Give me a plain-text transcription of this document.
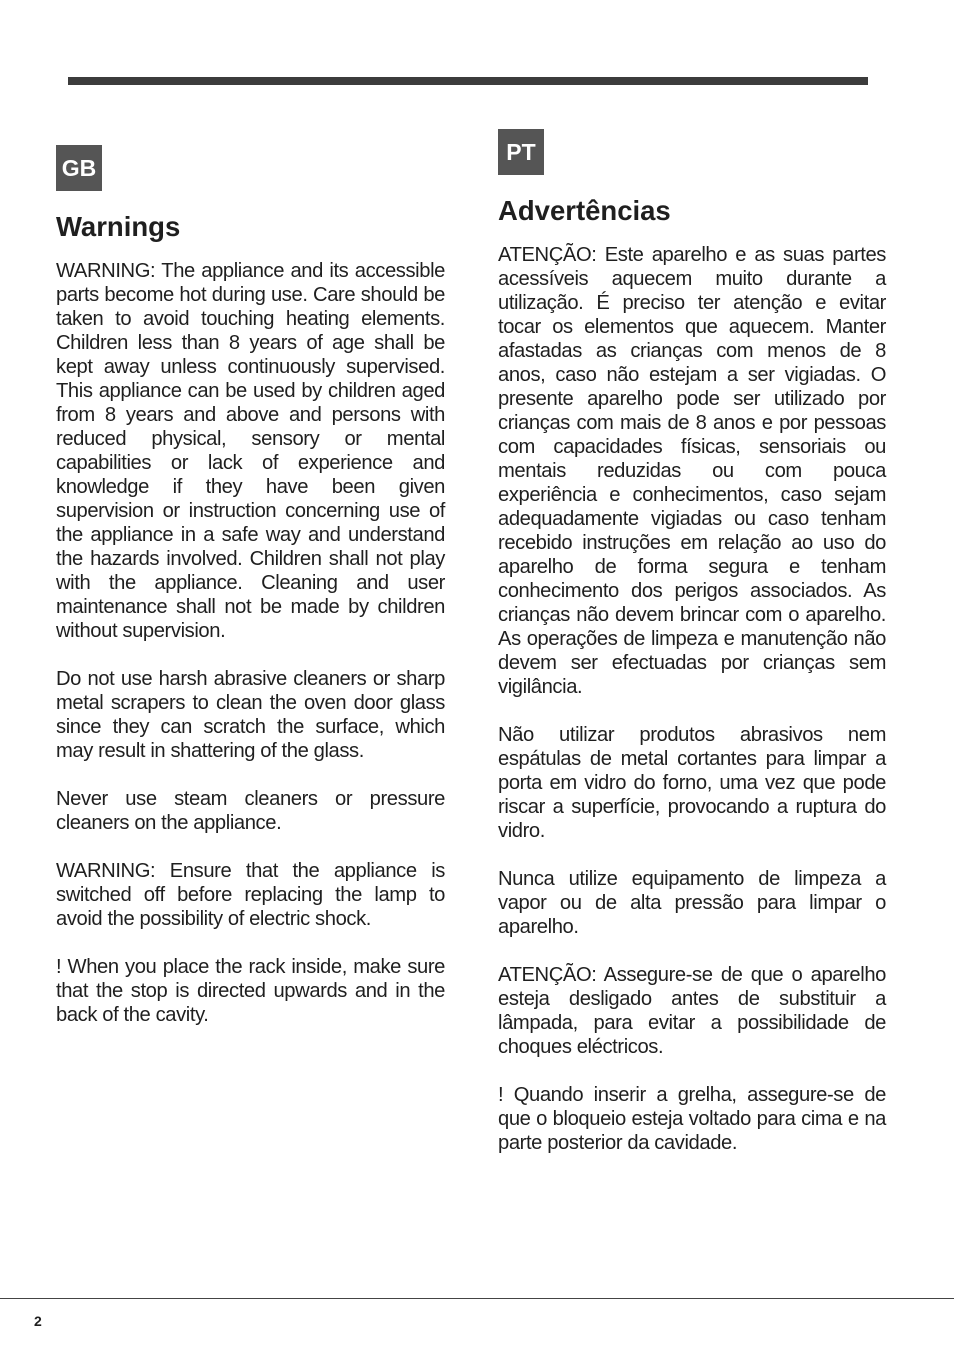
GB
Warnings

WARNING: The appliance and its accessible parts become hot during use. Care should be taken to avoid touching heating elements. Children less than 8 years of age shall be kept away unless continuously supervised. This appliance can be used by children aged from 8 years and above and persons with reduced physical, sensory or mental capabilities or lack of experience and knowledge if they have been given supervision or instruction concerning use of the appliance in a safe way and understand the hazards involved. Children shall not play with the appliance. Cleaning and user maintenance shall not be made by children without supervision.

Do not use harsh abrasive cleaners or sharp metal scrapers to clean the oven door glass since they can scratch the surface, which may result in shattering of the glass.

Never use steam cleaners or pressure cleaners on the appliance.

WARNING: Ensure that the appliance is switched off before replacing the lamp to avoid the possibility of electric shock.

! When you place the rack inside, make sure that the stop is directed upwards and in the back of the cavity.

PT
Advertências

ATENÇÃO: Este aparelho e as suas partes acessíveis aquecem muito durante a utilização. É preciso ter atenção e evitar tocar os elementos que aquecem. Manter afastadas as crianças com menos de 8 anos, caso não estejam a ser vigiadas. O presente aparelho pode ser utilizado por crianças com mais de 8 anos e por pessoas com capacidades físicas, sensoriais ou mentais reduzidas ou com pouca experiência e conhecimentos, caso sejam adequadamente vigiadas ou caso tenham recebido instruções em relação ao uso do aparelho de forma segura e tenham conhecimento dos perigos associados. As crianças não devem brincar com o aparelho. As operações de limpeza e manutenção não devem ser efectuadas por crianças sem vigilância.

Não utilizar produtos abrasivos nem espátulas de metal cortantes para limpar a porta em vidro do forno, uma vez que pode riscar a superfície, provocando a ruptura do vidro.

Nunca utilize equipamento de limpeza a vapor ou de alta pressão para limpar o aparelho.

ATENÇÃO: Assegure-se de que o aparelho esteja desligado antes de substituir a lâmpada, para evitar a possibilidade de choques eléctricos.

! Quando inserir a grelha, assegure-se de que o bloqueio esteja voltado para cima e na parte posterior da cavidade.

2
